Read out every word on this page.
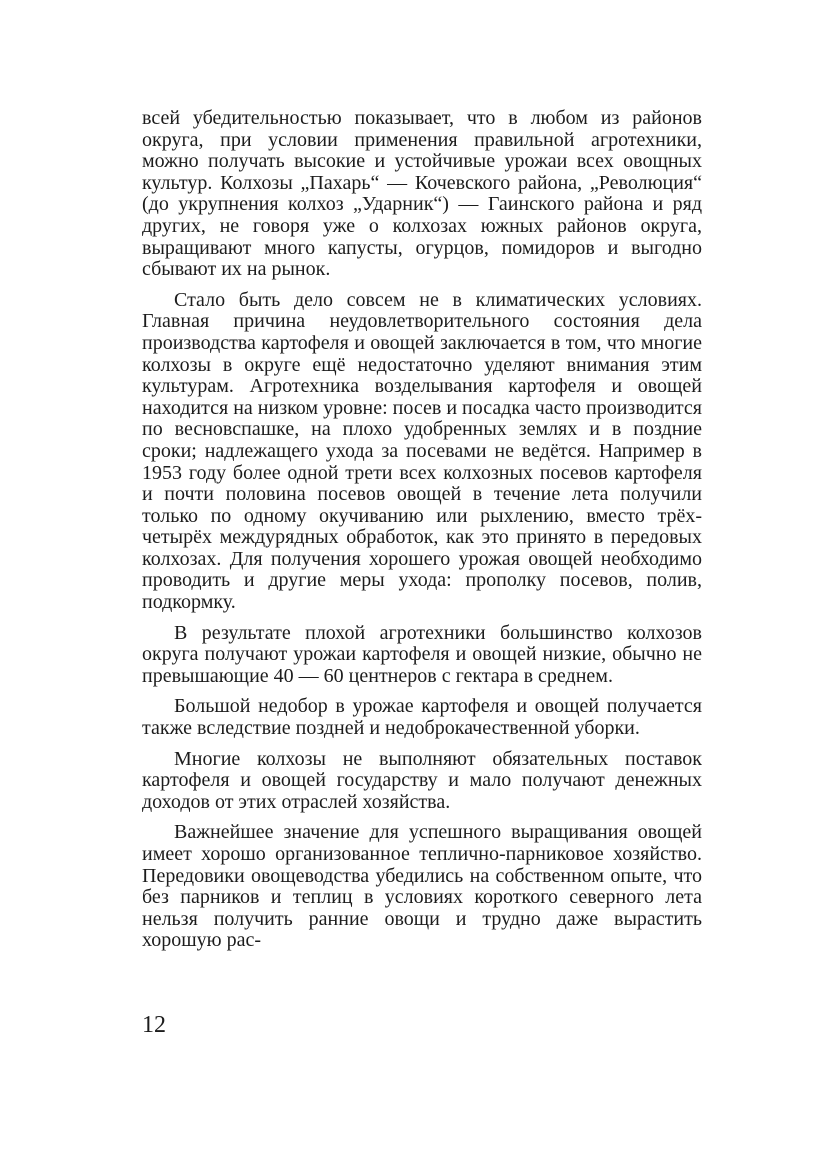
всей убедительностью показывает, что в любом из районов округа, при условии применения правильной агротехники, можно получать высокие и устойчивые урожаи всех овощных культур. Колхозы „Пахарь“ — Кочевского района, „Революция“ (до укрупнения колхоз „Ударник“) — Гаинского района и ряд других, не говоря уже о колхозах южных районов округа, выращивают много капусты, огурцов, помидоров и выгодно сбывают их на рынок.

Стало быть дело совсем не в климатических условиях. Главная причина неудовлетворительного состояния дела производства картофеля и овощей заключается в том, что многие колхозы в округе ещё недостаточно уделяют внимания этим культурам. Агротехника возделывания картофеля и овощей находится на низком уровне: посев и посадка часто производится по весновспашке, на плохо удобренных землях и в поздние сроки; надлежащего ухода за посевами не ведётся. Например в 1953 году более одной трети всех колхозных посевов картофеля и почти половина посевов овощей в течение лета получили только по одному окучиванию или рыхлению, вместо трёх-четырёх междурядных обработок, как это принято в передовых колхозах. Для получения хорошего урожая овощей необходимо проводить и другие меры ухода: прополку посевов, полив, подкормку.

В результате плохой агротехники большинство колхозов округа получают урожаи картофеля и овощей низкие, обычно не превышающие 40 — 60 центнеров с гектара в среднем.

Большой недобор в урожае картофеля и овощей получается также вследствие поздней и недоброкачественной уборки.

Многие колхозы не выполняют обязательных поставок картофеля и овощей государству и мало получают денежных доходов от этих отраслей хозяйства.

Важнейшее значение для успешного выращивания овощей имеет хорошо организованное теплично-парниковое хозяйство. Передовики овощеводства убедились на собственном опыте, что без парников и теплиц в условиях короткого северного лета нельзя получить ранние овощи и трудно даже вырастить хорошую рас-

12
